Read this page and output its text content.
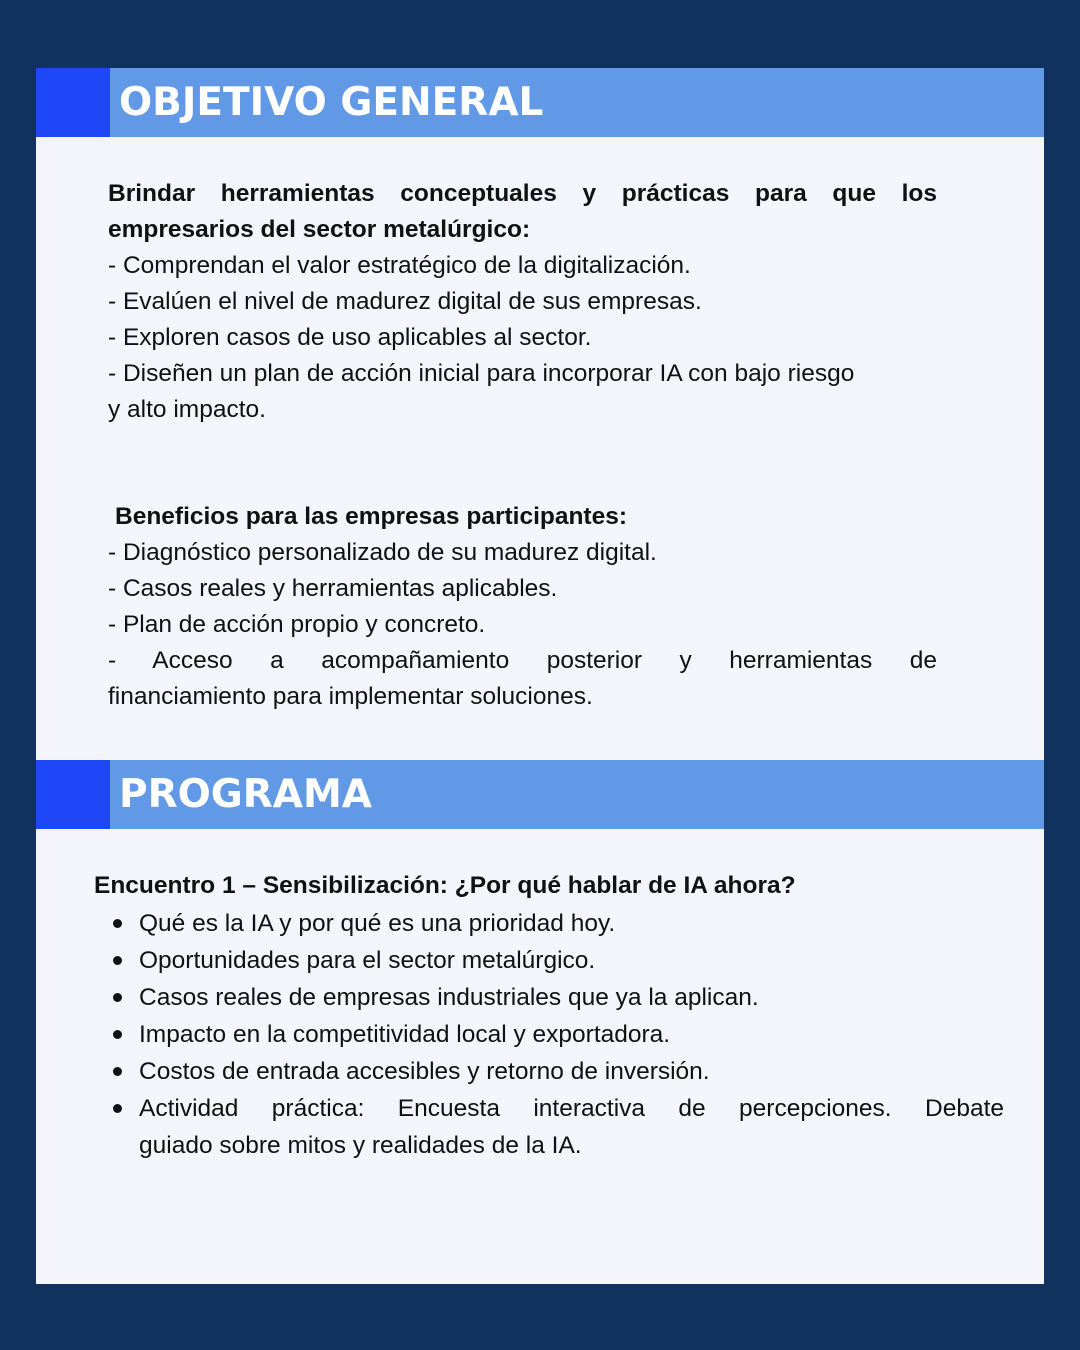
OBJETIVO GENERAL
Brindar herramientas conceptuales y prácticas para que los
empresarios del sector metalúrgico:
- Comprendan el valor estratégico de la digitalización.
- Evalúen el nivel de madurez digital de sus empresas.
- Exploren casos de uso aplicables al sector.
- Diseñen un plan de acción inicial para incorporar IA con bajo riesgo
y alto impacto.
Beneficios para las empresas participantes:
- Diagnóstico personalizado de su madurez digital.
- Casos reales y herramientas aplicables.
- Plan de acción propio y concreto.
- Acceso a acompañamiento posterior y herramientas de
financiamiento para implementar soluciones.
PROGRAMA
Encuentro 1 – Sensibilización: ¿Por qué hablar de IA ahora?
Qué es la IA y por qué es una prioridad hoy.
Oportunidades para el sector metalúrgico.
Casos reales de empresas industriales que ya la aplican.
Impacto en la competitividad local y exportadora.
Costos de entrada accesibles y retorno de inversión.
Actividad práctica: Encuesta interactiva de percepciones. Debate
guiado sobre mitos y realidades de la IA.
